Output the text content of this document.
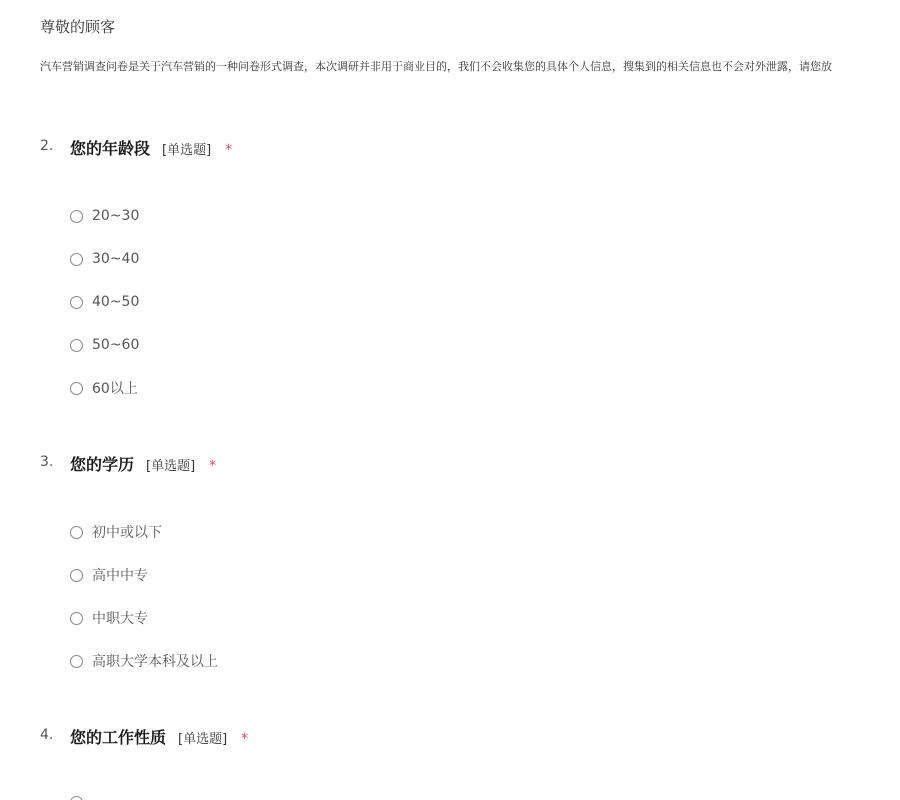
尊敬的顾客
汽车营销调查问卷是关于汽车营销的一种问卷形式调查，本次调研并非用于商业目的，我们不会收集您的具体个人信息，搜集到的相关信息也不会对外泄露，请您放
2. 您的年龄段 [单选题] *
20~30
30~40
40~50
50~60
60以上
3. 您的学历 [单选题] *
初中或以下
高中中专
中职大专
高职大学本科及以上
4. 您的工作性质 [单选题] *
